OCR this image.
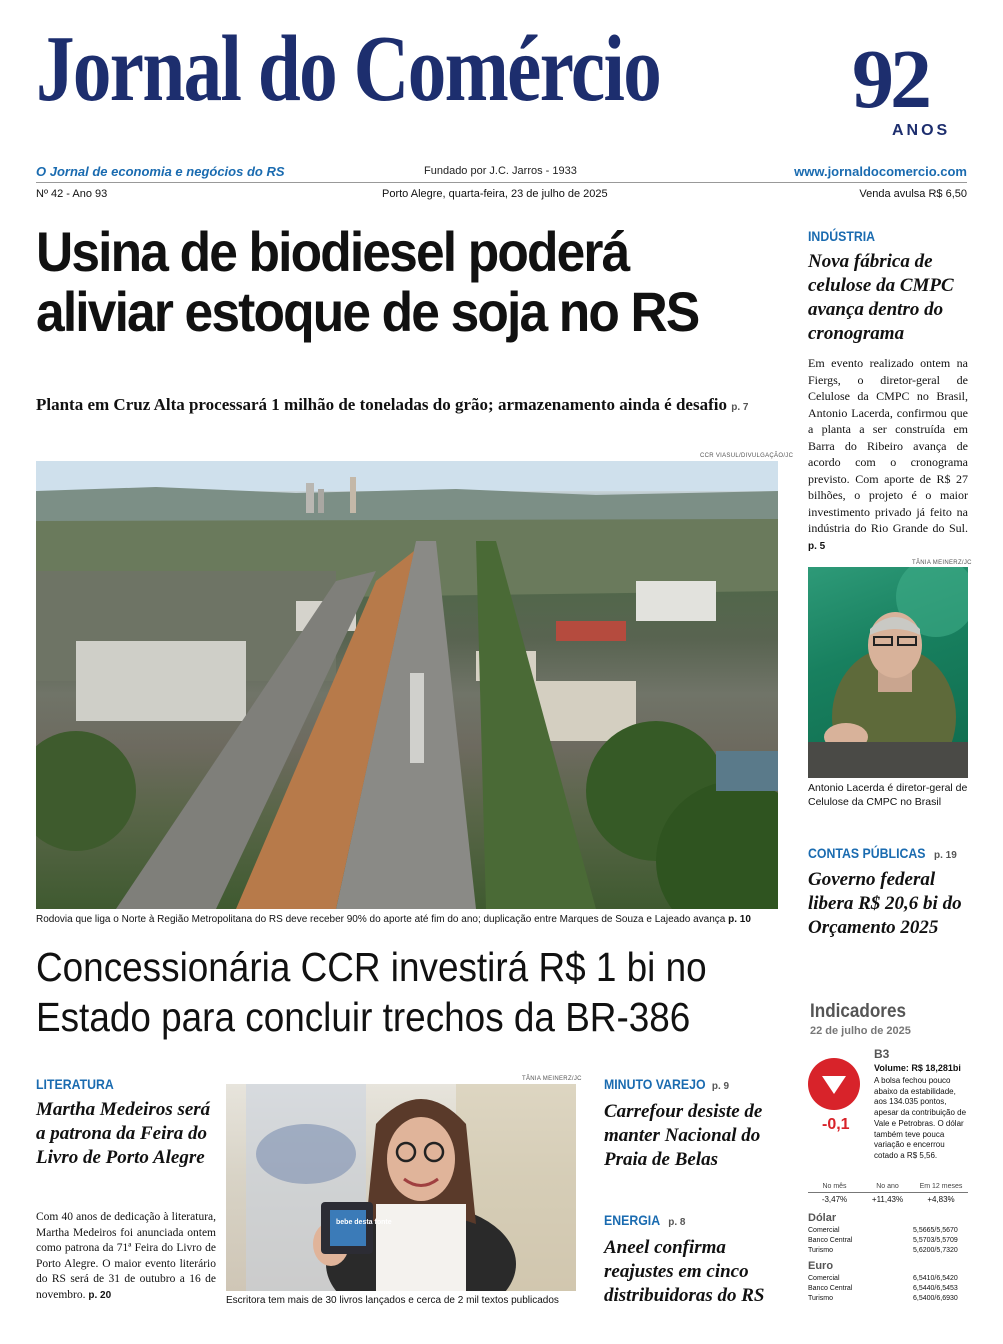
Jornal do Comércio 92
ANOS
O Jornal de economia e negócios do RS	Fundado por J.C. Jarros - 1933	www.jornaldocomercio.com
Nº 42 - Ano 93	Porto Alegre, quarta-feira, 23 de julho de 2025	Venda avulsa R$ 6,50
Usina de biodiesel poderá aliviar estoque de soja no RS
Planta em Cruz Alta processará 1 milhão de toneladas do grão; armazenamento ainda é desafio p. 7
CCR VIASUL/DIVULGAÇÃO/JC
Rodovia que liga o Norte à Região Metropolitana do RS deve receber 90% do aporte até fim do ano; duplicação entre Marques de Souza e Lajeado avança p. 10
Concessionária CCR investirá R$ 1 bi no
Estado para concluir trechos da BR-386
INDÚSTRIA
Nova fábrica de celulose da CMPC avança dentro do cronograma
Em evento realizado ontem na Fiergs, o diretor-geral de Celulose da CMPC no Brasil, Antonio Lacerda, confirmou que a planta a ser construída em Barra do Ribeiro avança de acordo com o cronograma previsto. Com aporte de R$ 27 bilhões, o projeto é o maior investimento privado já feito na indústria do Rio Grande do Sul. p. 5
TÂNIA MEINERZ/JC
Antonio Lacerda é diretor-geral de Celulose da CMPC no Brasil
CONTAS PÚBLICAS p. 19
Governo federal libera R$ 20,6 bi do Orçamento 2025
Indicadores
22 de julho de 2025
-0,1
B3
Volume: R$ 18,281bi
A bolsa fechou pouco abaixo da estabilidade, aos 134.035 pontos, apesar da contribuição de Vale e Petrobras. O dólar também teve pouca variação e encerrou cotado a R$ 5,56.
No mês	No ano	Em 12 meses
-3,47%	+11,43%	+4,83%
Dólar
Comercial	5,5665/5,5670
Banco Central	5,5703/5,5709
Turismo	5,6200/5,7320
Euro
Comercial	6,5410/6,5420
Banco Central	6,5440/6,5453
Turismo	6,5400/6,6930
LITERATURA
Martha Medeiros será a patrona da Feira do Livro de Porto Alegre
Com 40 anos de dedicação à literatura, Martha Medeiros foi anunciada ontem como patrona da 71ª Feira do Livro de Porto Alegre. O maior evento literário do RS será de 31 de outubro a 16 de novembro. p. 20
TÂNIA MEINERZ/JC
bebe desta fonte
Escritora tem mais de 30 livros lançados e cerca de 2 mil textos publicados
MINUTO VAREJO p. 9
Carrefour desiste de manter Nacional do Praia de Belas
ENERGIA p. 8
Aneel confirma reajustes em cinco distribuidoras do RS
